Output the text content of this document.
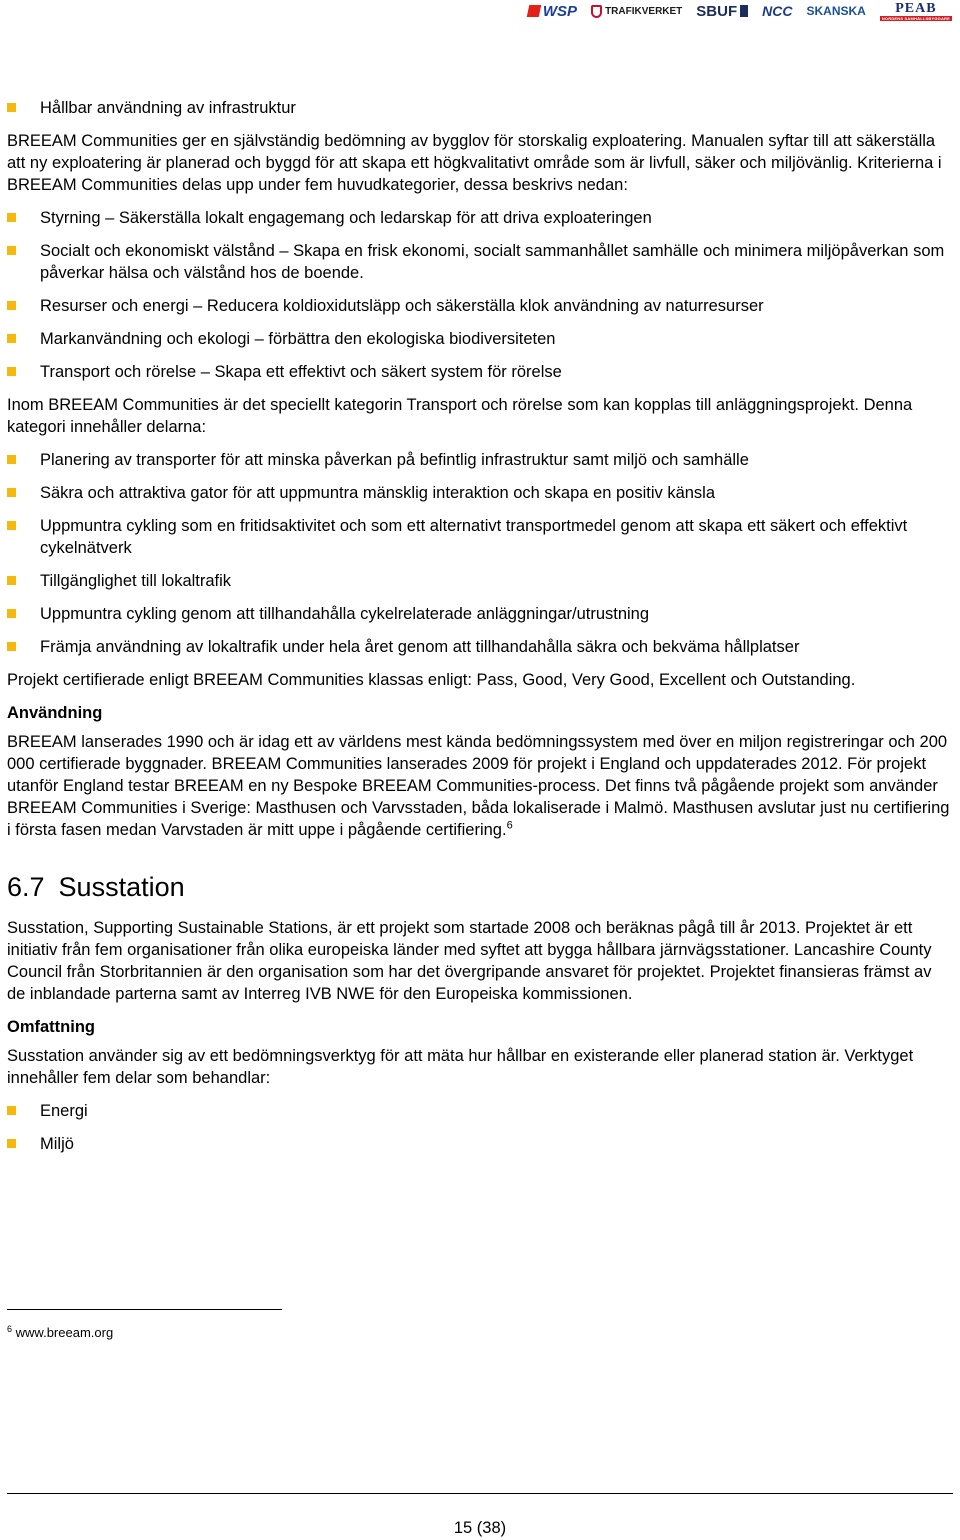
WSP	TRAFIKVERKET SBUF NCC SKANSKA PEAB
NORDENS SAMHÄLLSBYGGARE

Hållbar användning av infrastruktur

BREEAM Communities ger en självständig bedömning av bygglov för storskalig exploatering. Manualen syftar till att säkerställa att ny exploatering är planerad och byggd för att skapa ett högkvalitativt område som är livfull, säker och miljövänlig. Kriterierna i BREEAM Communities delas upp under fem huvudkategorier, dessa beskrivs nedan:

Styrning – Säkerställa lokalt engagemang och ledarskap för att driva exploateringen

Socialt och ekonomiskt välstånd – Skapa en frisk ekonomi, socialt sammanhållet samhälle och minimera miljöpåverkan som påverkar hälsa och välstånd hos de boende.

Resurser och energi – Reducera koldioxidutsläpp och säkerställa klok användning av naturresurser

Markanvändning och ekologi – förbättra den ekologiska biodiversiteten

Transport och rörelse – Skapa ett effektivt och säkert system för rörelse

Inom BREEAM Communities är det speciellt kategorin Transport och rörelse som kan kopplas till anläggningsprojekt. Denna kategori innehåller delarna:

Planering av transporter för att minska påverkan på befintlig infrastruktur samt miljö och samhälle

Säkra och attraktiva gator för att uppmuntra mänsklig interaktion och skapa en positiv känsla

Uppmuntra cykling som en fritidsaktivitet och som ett alternativt transportmedel genom att skapa ett säkert och effektivt cykelnätverk

Tillgänglighet till lokaltrafik

Uppmuntra cykling genom att tillhandahålla cykelrelaterade anläggningar/utrustning

Främja användning av lokaltrafik under hela året genom att tillhandahålla säkra och bekväma hållplatser

Projekt certifierade enligt BREEAM Communities klassas enligt: Pass, Good, Very Good, Excellent och Outstanding.

Användning

BREEAM lanserades 1990 och är idag ett av världens mest kända bedömningssystem med över en miljon registreringar och 200 000 certifierade byggnader. BREEAM Communities lanserades 2009 för projekt i England och uppdaterades 2012. För projekt utanför England testar BREEAM en ny Bespoke BREEAM Communities-process. Det finns två pågående projekt som använder BREEAM Communities i Sverige: Masthusen och Varvsstaden, båda lokaliserade i Malmö. Masthusen avslutar just nu certifiering i första fasen medan Varvstaden är mitt uppe i pågående certifiering.$^6$

6.7 Susstation

Susstation, Supporting Sustainable Stations, är ett projekt som startade 2008 och beräknas pågå till år 2013. Projektet är ett initiativ från fem organisationer från olika europeiska länder med syftet att bygga hållbara järnvägsstationer. Lancashire County Council från Storbritannien är den organisation som har det övergripande ansvaret för projektet. Projektet finansieras främst av de inblandade parterna samt av Interreg IVB NWE för den Europeiska kommissionen.

Omfattning

Susstation använder sig av ett bedömningsverktyg för att mäta hur hållbar en existerande eller planerad station är. Verktyget innehåller fem delar som behandlar:

Energi

Miljö

$^6$ www.breeam.org
15 (38)
